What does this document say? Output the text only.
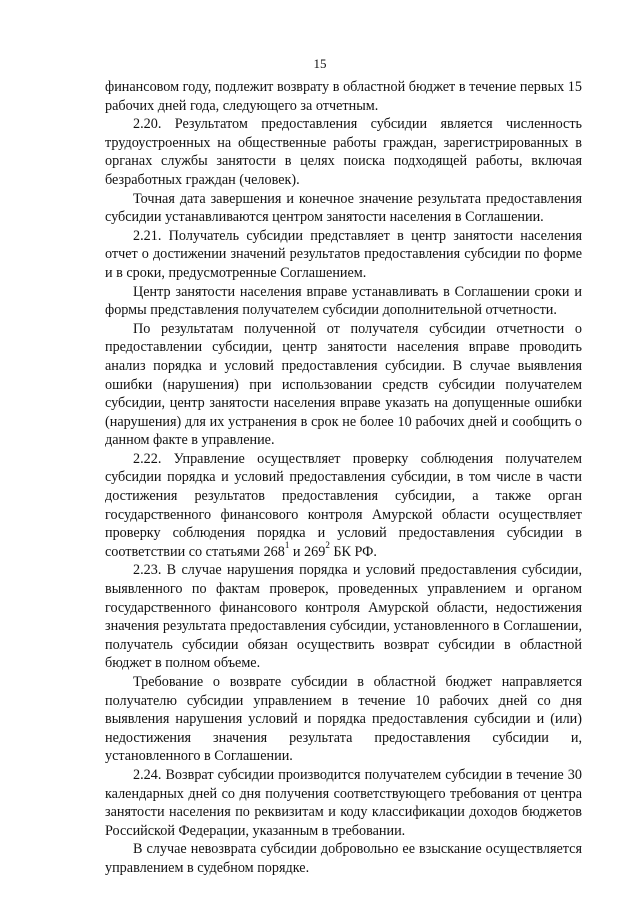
15

финансовом году, подлежит возврату в областной бюджет в течение первых 15 рабочих дней года, следующего за отчетным.

2.20. Результатом предоставления субсидии является численность трудоустроенных на общественные работы граждан, зарегистрированных в органах службы занятости в целях поиска подходящей работы, включая безработных граждан (человек).

Точная дата завершения и конечное значение результата предоставления субсидии устанавливаются центром занятости населения в Соглашении.

2.21. Получатель субсидии представляет в центр занятости населения отчет о достижении значений результатов предоставления субсидии по форме и в сроки, предусмотренные Соглашением.

Центр занятости населения вправе устанавливать в Соглашении сроки и формы представления получателем субсидии дополнительной отчетности.

По результатам полученной от получателя субсидии отчетности о предоставлении субсидии, центр занятости населения вправе проводить анализ порядка и условий предоставления субсидии. В случае выявления ошибки (нарушения) при использовании средств субсидии получателем субсидии, центр занятости населения вправе указать на допущенные ошибки (нарушения) для их устранения в срок не более 10 рабочих дней и сообщить о данном факте в управление.

2.22. Управление осуществляет проверку соблюдения получателем субсидии порядка и условий предоставления субсидии, в том числе в части достижения результатов предоставления субсидии, а также орган государственного финансового контроля Амурской области осуществляет проверку соблюдения порядка и условий предоставления субсидии в соответствии со статьями $268^1$ и $269^2$ БК РФ.

2.23. В случае нарушения порядка и условий предоставления субсидии, выявленного по фактам проверок, проведенных управлением и органом государственного финансового контроля Амурской области, недостижения значения результата предоставления субсидии, установленного в Соглашении, получатель субсидии обязан осуществить возврат субсидии в областной бюджет в полном объеме.

Требование о возврате субсидии в областной бюджет направляется получателю субсидии управлением в течение 10 рабочих дней со дня выявления нарушения условий и порядка предоставления субсидии и (или) недостижения значения результата предоставления субсидии и, установленного в Соглашении.

2.24. Возврат субсидии производится получателем субсидии в течение 30 календарных дней со дня получения соответствующего требования от центра занятости населения по реквизитам и коду классификации доходов бюджетов Российской Федерации, указанным в требовании.

В случае невозврата субсидии добровольно ее взыскание осуществляется управлением в судебном порядке.
